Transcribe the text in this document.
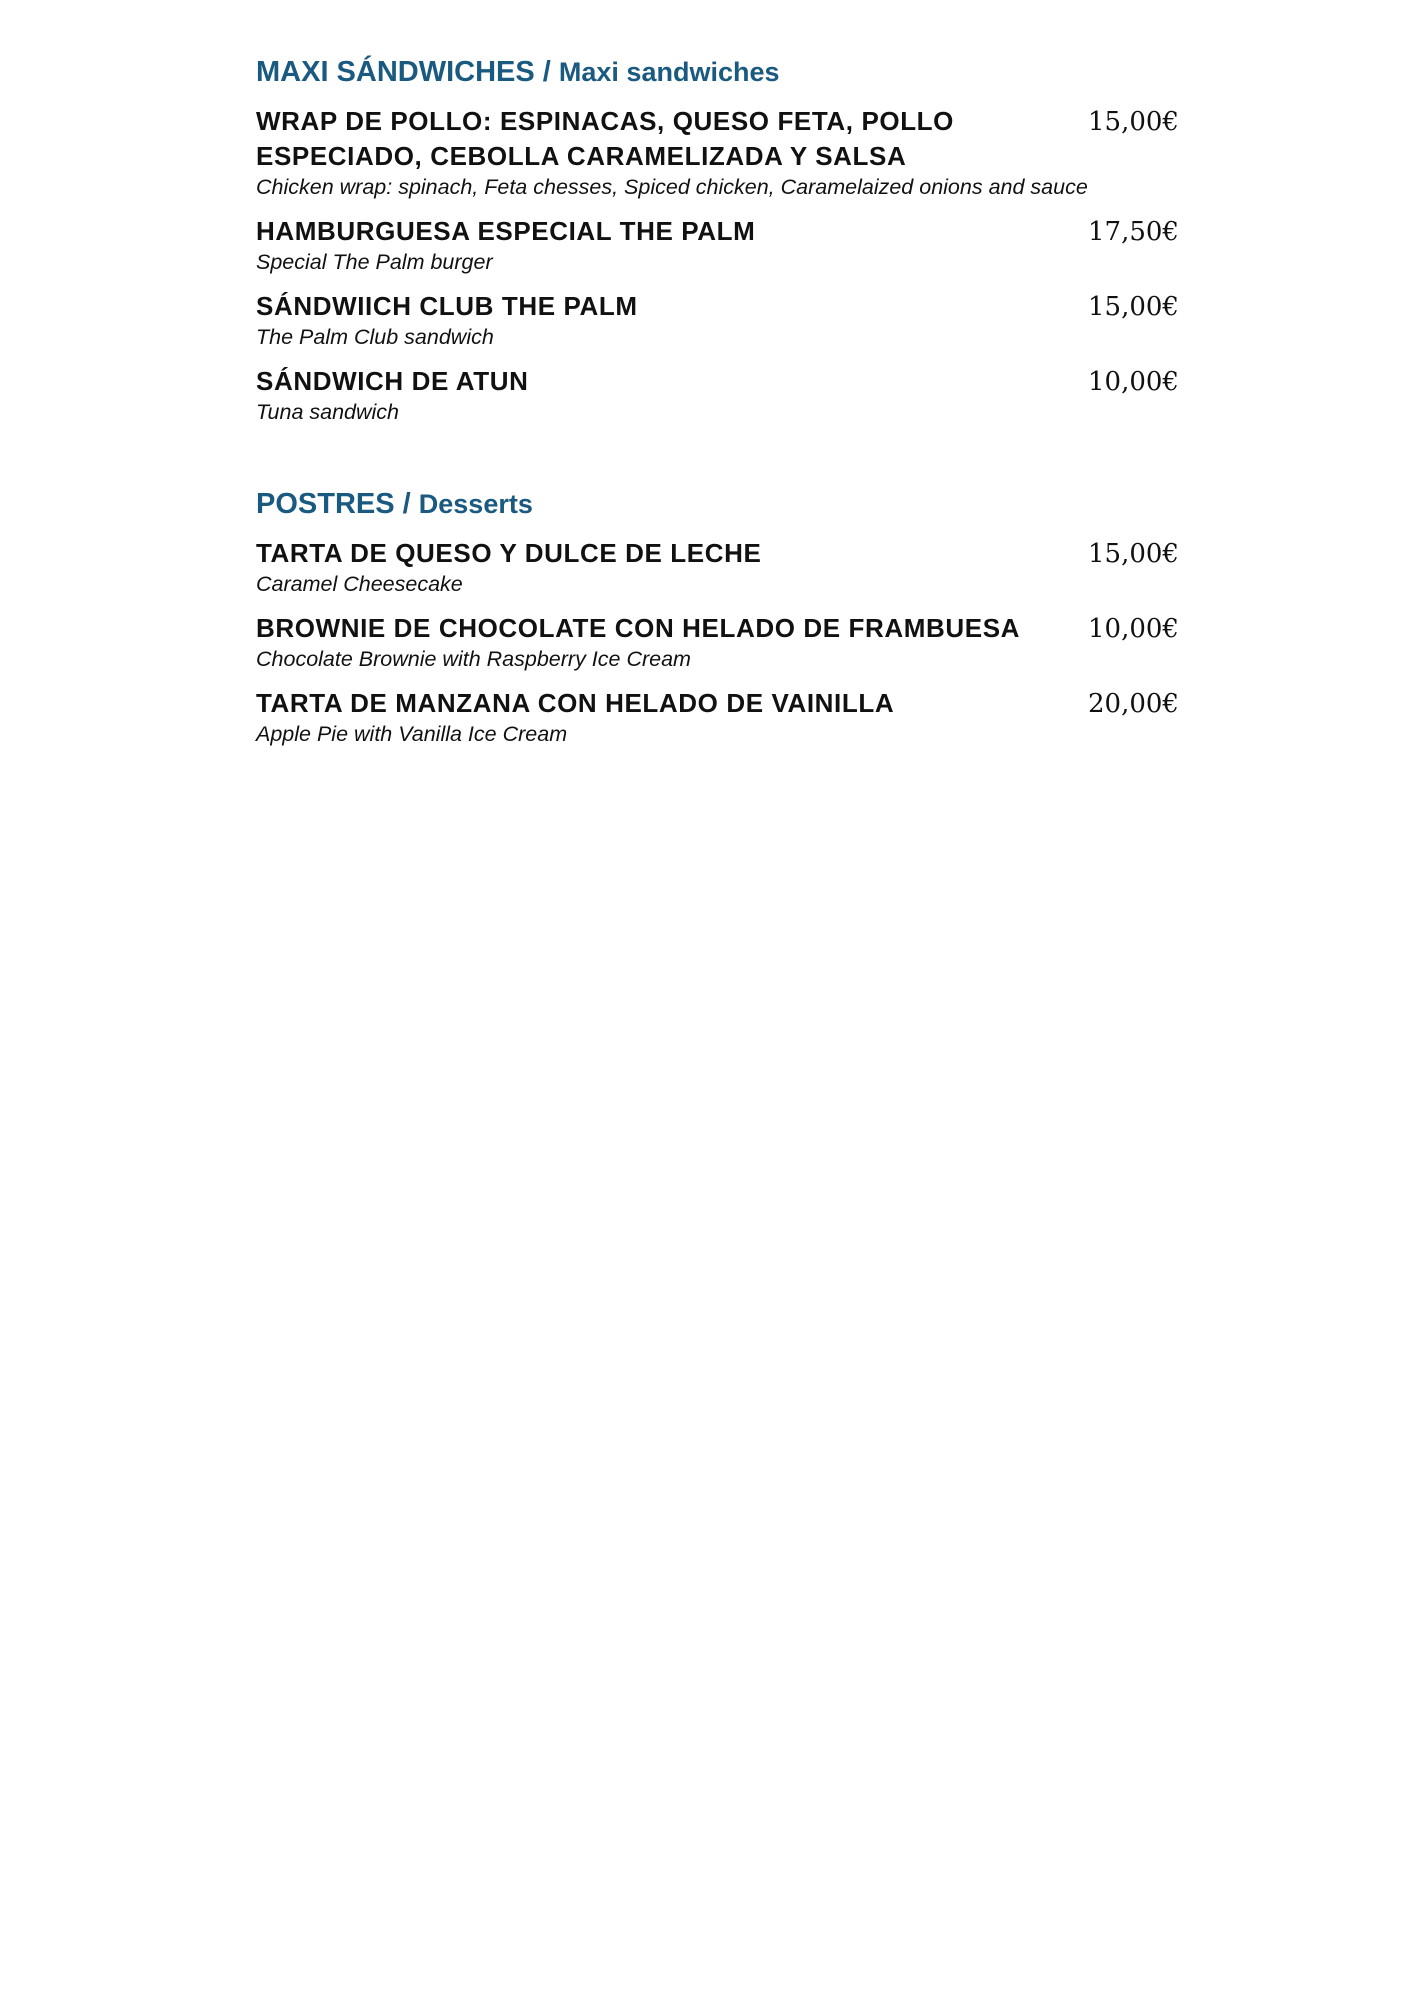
MAXI SÁNDWICHES / Maxi sandwiches
WRAP DE POLLO: ESPINACAS, QUESO FETA, POLLO ESPECIADO, CEBOLLA CARAMELIZADA Y SALSA
Chicken wrap: spinach, Feta chesses, Spiced chicken, Caramelaized onions and sauce
15,00€
HAMBURGUESA ESPECIAL THE PALM
Special The Palm burger
17,50€
SÁNDWIICH CLUB THE PALM
The Palm Club sandwich
15,00€
SÁNDWICH DE ATUN
Tuna sandwich
10,00€
POSTRES / Desserts
TARTA DE QUESO Y DULCE DE LECHE
Caramel Cheesecake
15,00€
BROWNIE DE CHOCOLATE CON HELADO DE FRAMBUESA
Chocolate Brownie with Raspberry Ice Cream
10,00€
TARTA DE MANZANA CON HELADO DE VAINILLA
Apple Pie with Vanilla Ice Cream
20,00€
